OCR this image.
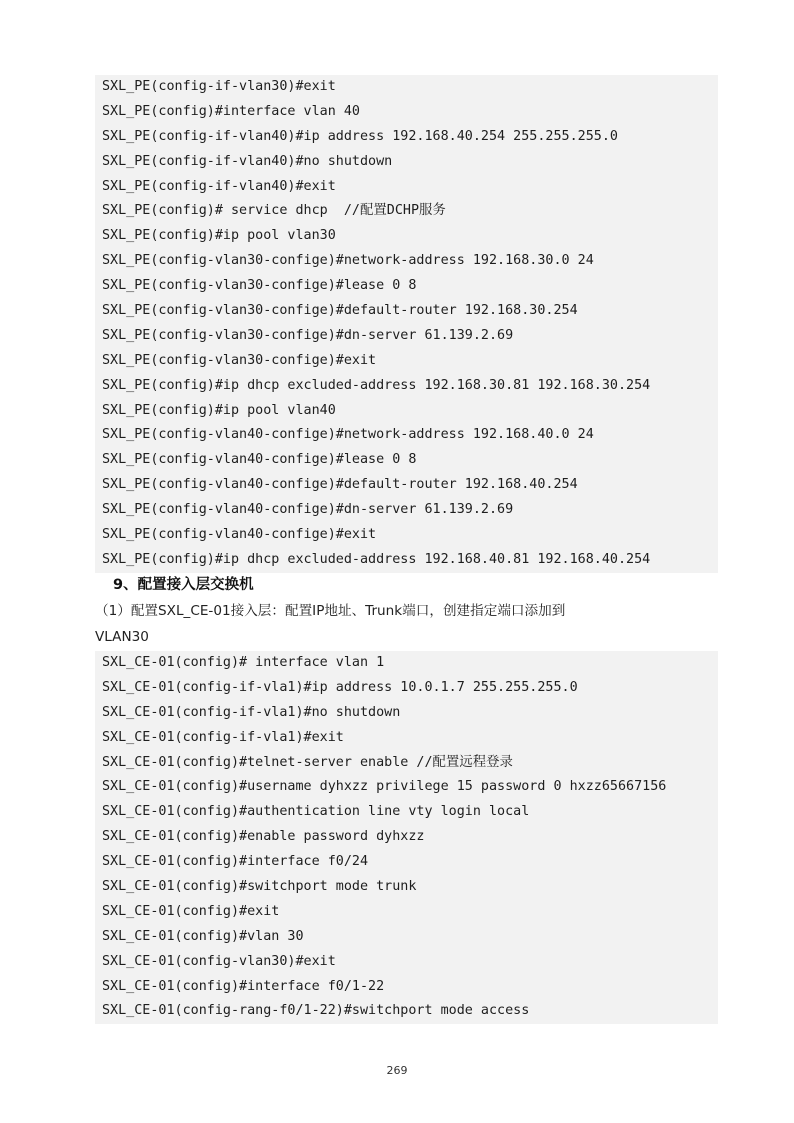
SXL_PE(config-if-vlan30)#exit
SXL_PE(config)#interface vlan 40
SXL_PE(config-if-vlan40)#ip address 192.168.40.254 255.255.255.0
SXL_PE(config-if-vlan40)#no shutdown
SXL_PE(config-if-vlan40)#exit
SXL_PE(config)# service dhcp  //配置DCHP服务
SXL_PE(config)#ip pool vlan30
SXL_PE(config-vlan30-confige)#network-address 192.168.30.0 24
SXL_PE(config-vlan30-confige)#lease 0 8
SXL_PE(config-vlan30-confige)#default-router 192.168.30.254
SXL_PE(config-vlan30-confige)#dn-server 61.139.2.69
SXL_PE(config-vlan30-confige)#exit
SXL_PE(config)#ip dhcp excluded-address 192.168.30.81 192.168.30.254
SXL_PE(config)#ip pool vlan40
SXL_PE(config-vlan40-confige)#network-address 192.168.40.0 24
SXL_PE(config-vlan40-confige)#lease 0 8
SXL_PE(config-vlan40-confige)#default-router 192.168.40.254
SXL_PE(config-vlan40-confige)#dn-server 61.139.2.69
SXL_PE(config-vlan40-confige)#exit
SXL_PE(config)#ip dhcp excluded-address 192.168.40.81 192.168.40.254
9、配置接入层交换机
（1）配置SXL_CE-01接入层：配置IP地址、Trunk端口，创建指定端口添加到
VLAN30
SXL_CE-01(config)# interface vlan 1
SXL_CE-01(config-if-vla1)#ip address 10.0.1.7 255.255.255.0
SXL_CE-01(config-if-vla1)#no shutdown
SXL_CE-01(config-if-vla1)#exit
SXL_CE-01(config)#telnet-server enable //配置远程登录
SXL_CE-01(config)#username dyhxzz privilege 15 password 0 hxzz65667156
SXL_CE-01(config)#authentication line vty login local
SXL_CE-01(config)#enable password dyhxzz
SXL_CE-01(config)#interface f0/24
SXL_CE-01(config)#switchport mode trunk
SXL_CE-01(config)#exit
SXL_CE-01(config)#vlan 30
SXL_CE-01(config-vlan30)#exit
SXL_CE-01(config)#interface f0/1-22
SXL_CE-01(config-rang-f0/1-22)#switchport mode access
269
